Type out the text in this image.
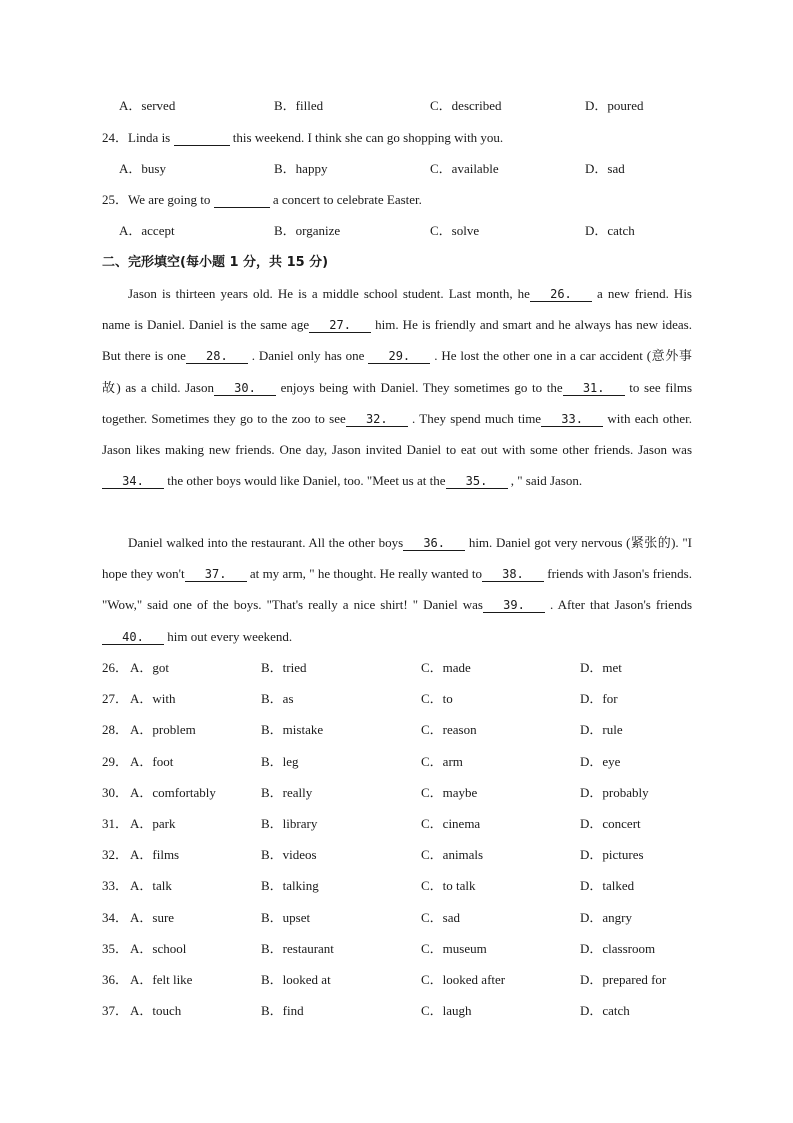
A．served	B．filled	C．described	D．poured
24．Linda is	this weekend. I think she can go shopping with you.
A．busy	B．happy	C．available	D．sad
25．We are going to	a concert to celebrate Easter.
A．accept	B．organize	C．solve	D．catch
二、完形填空(每小题 1 分，共 15 分)
Jason is thirteen years old. He is a middle school student. Last month, he 26. a new friend. His name is Daniel. Daniel is the same age 27. him. He is friendly and smart and he always has new ideas. But there is one 28. . Daniel only has one 29. . He lost the other one in a car accident (意外事故) as a child. Jason 30. enjoys being with Daniel. They sometimes go to the 31. to see films together. Sometimes they go to the zoo to see 32. . They spend much time 33. with each other. Jason likes making new friends. One day, Jason invited Daniel to eat out with some other friends. Jason was34. the other boys would like Daniel, too. "Meet us at the 35. , " said Jason.
Daniel walked into the restaurant. All the other boys 36. him. Daniel got very nervous (紧张的). "I hope they won't 37. at my arm, " he thought. He really wanted to 38. friends with Jason's friends. "Wow," said one of the boys. "That's really a nice shirt! " Daniel was 39. . After that Jason's friends40. him out every weekend.
26． A．got	B．tried	C．made	D．met
27． A．with	B．as	C．to	D．for
28． A．problem	B．mistake	C．reason	D．rule
29． A．foot	B．leg	C．arm	D．eye
30． A．comfortably	B．really	C．maybe	D．probably
31． A．park	B．library	C．cinema	D．concert
32． A．films	B．videos	C．animals	D．pictures
33． A．talk	B．talking	C．to talk	D．talked
34． A．sure	B．upset	C．sad	D．angry
35． A．school	B．restaurant	C．museum	D．classroom
36． A．felt like	B．looked at	C．looked after	D．prepared for
37． A．touch	B．find	C．laugh	D．catch
